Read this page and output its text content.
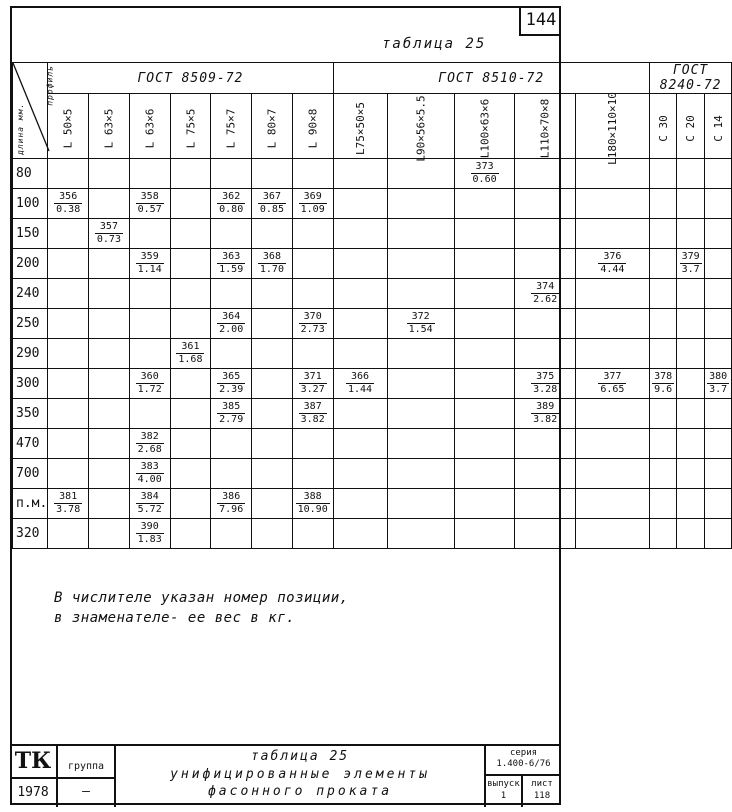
144
таблица 25
профиль
длина мм.	ГОСТ 8509-72							ГОСТ 8510-72					ГОСТ 8240-72		
	L 50×5	L 63×5	L 63×6	L 75×5	L 75×7	L 80×7	L 90×8	L75×50×5	L90×56×5.5	L100×63×6	L110×70×8	L180×110×10	С 30	С 20	С 14
80										$\frac{373}{0.60}$

100	$\frac{356}{0.38}$		$\frac{358}{0.57}$		$\frac{362}{0.80}$	$\frac{367}{0.85}$	$\frac{369}{1.09}$

150		$\frac{357}{0.73}$

200			$\frac{359}{1.14}$		$\frac{363}{1.59}$	$\frac{368}{1.70}$						$\frac{376}{4.44}$		$\frac{379}{3.7}$

240											$\frac{374}{2.62}$

250					$\frac{364}{2.00}$		$\frac{370}{2.73}$		$\frac{372}{1.54}$

290				$\frac{361}{1.68}$

300			$\frac{360}{1.72}$		$\frac{365}{2.39}$		$\frac{371}{3.27}$	$\frac{366}{1.44}$			$\frac{375}{3.28}$	$\frac{377}{6.65}$	$\frac{378}{9.6}$		$\frac{380}{3.7}$

350					$\frac{385}{2.79}$		$\frac{387}{3.82}$				$\frac{389}{3.82}$

470			$\frac{382}{2.68}$

700			$\frac{383}{4.00}$

п.м.	$\frac{381}{3.78}$		$\frac{384}{5.72}$		$\frac{386}{7.96}$		$\frac{388}{10.90}$

320			$\frac{390}{1.83}$

В числителе указан номер позиции,
в знаменателе- ее вес в кг.
ТК	группа
1978	—
таблица 25
унифицированные элементы
фасонного проката
серия
1.400-6/76
выпуск
1
лист
118
